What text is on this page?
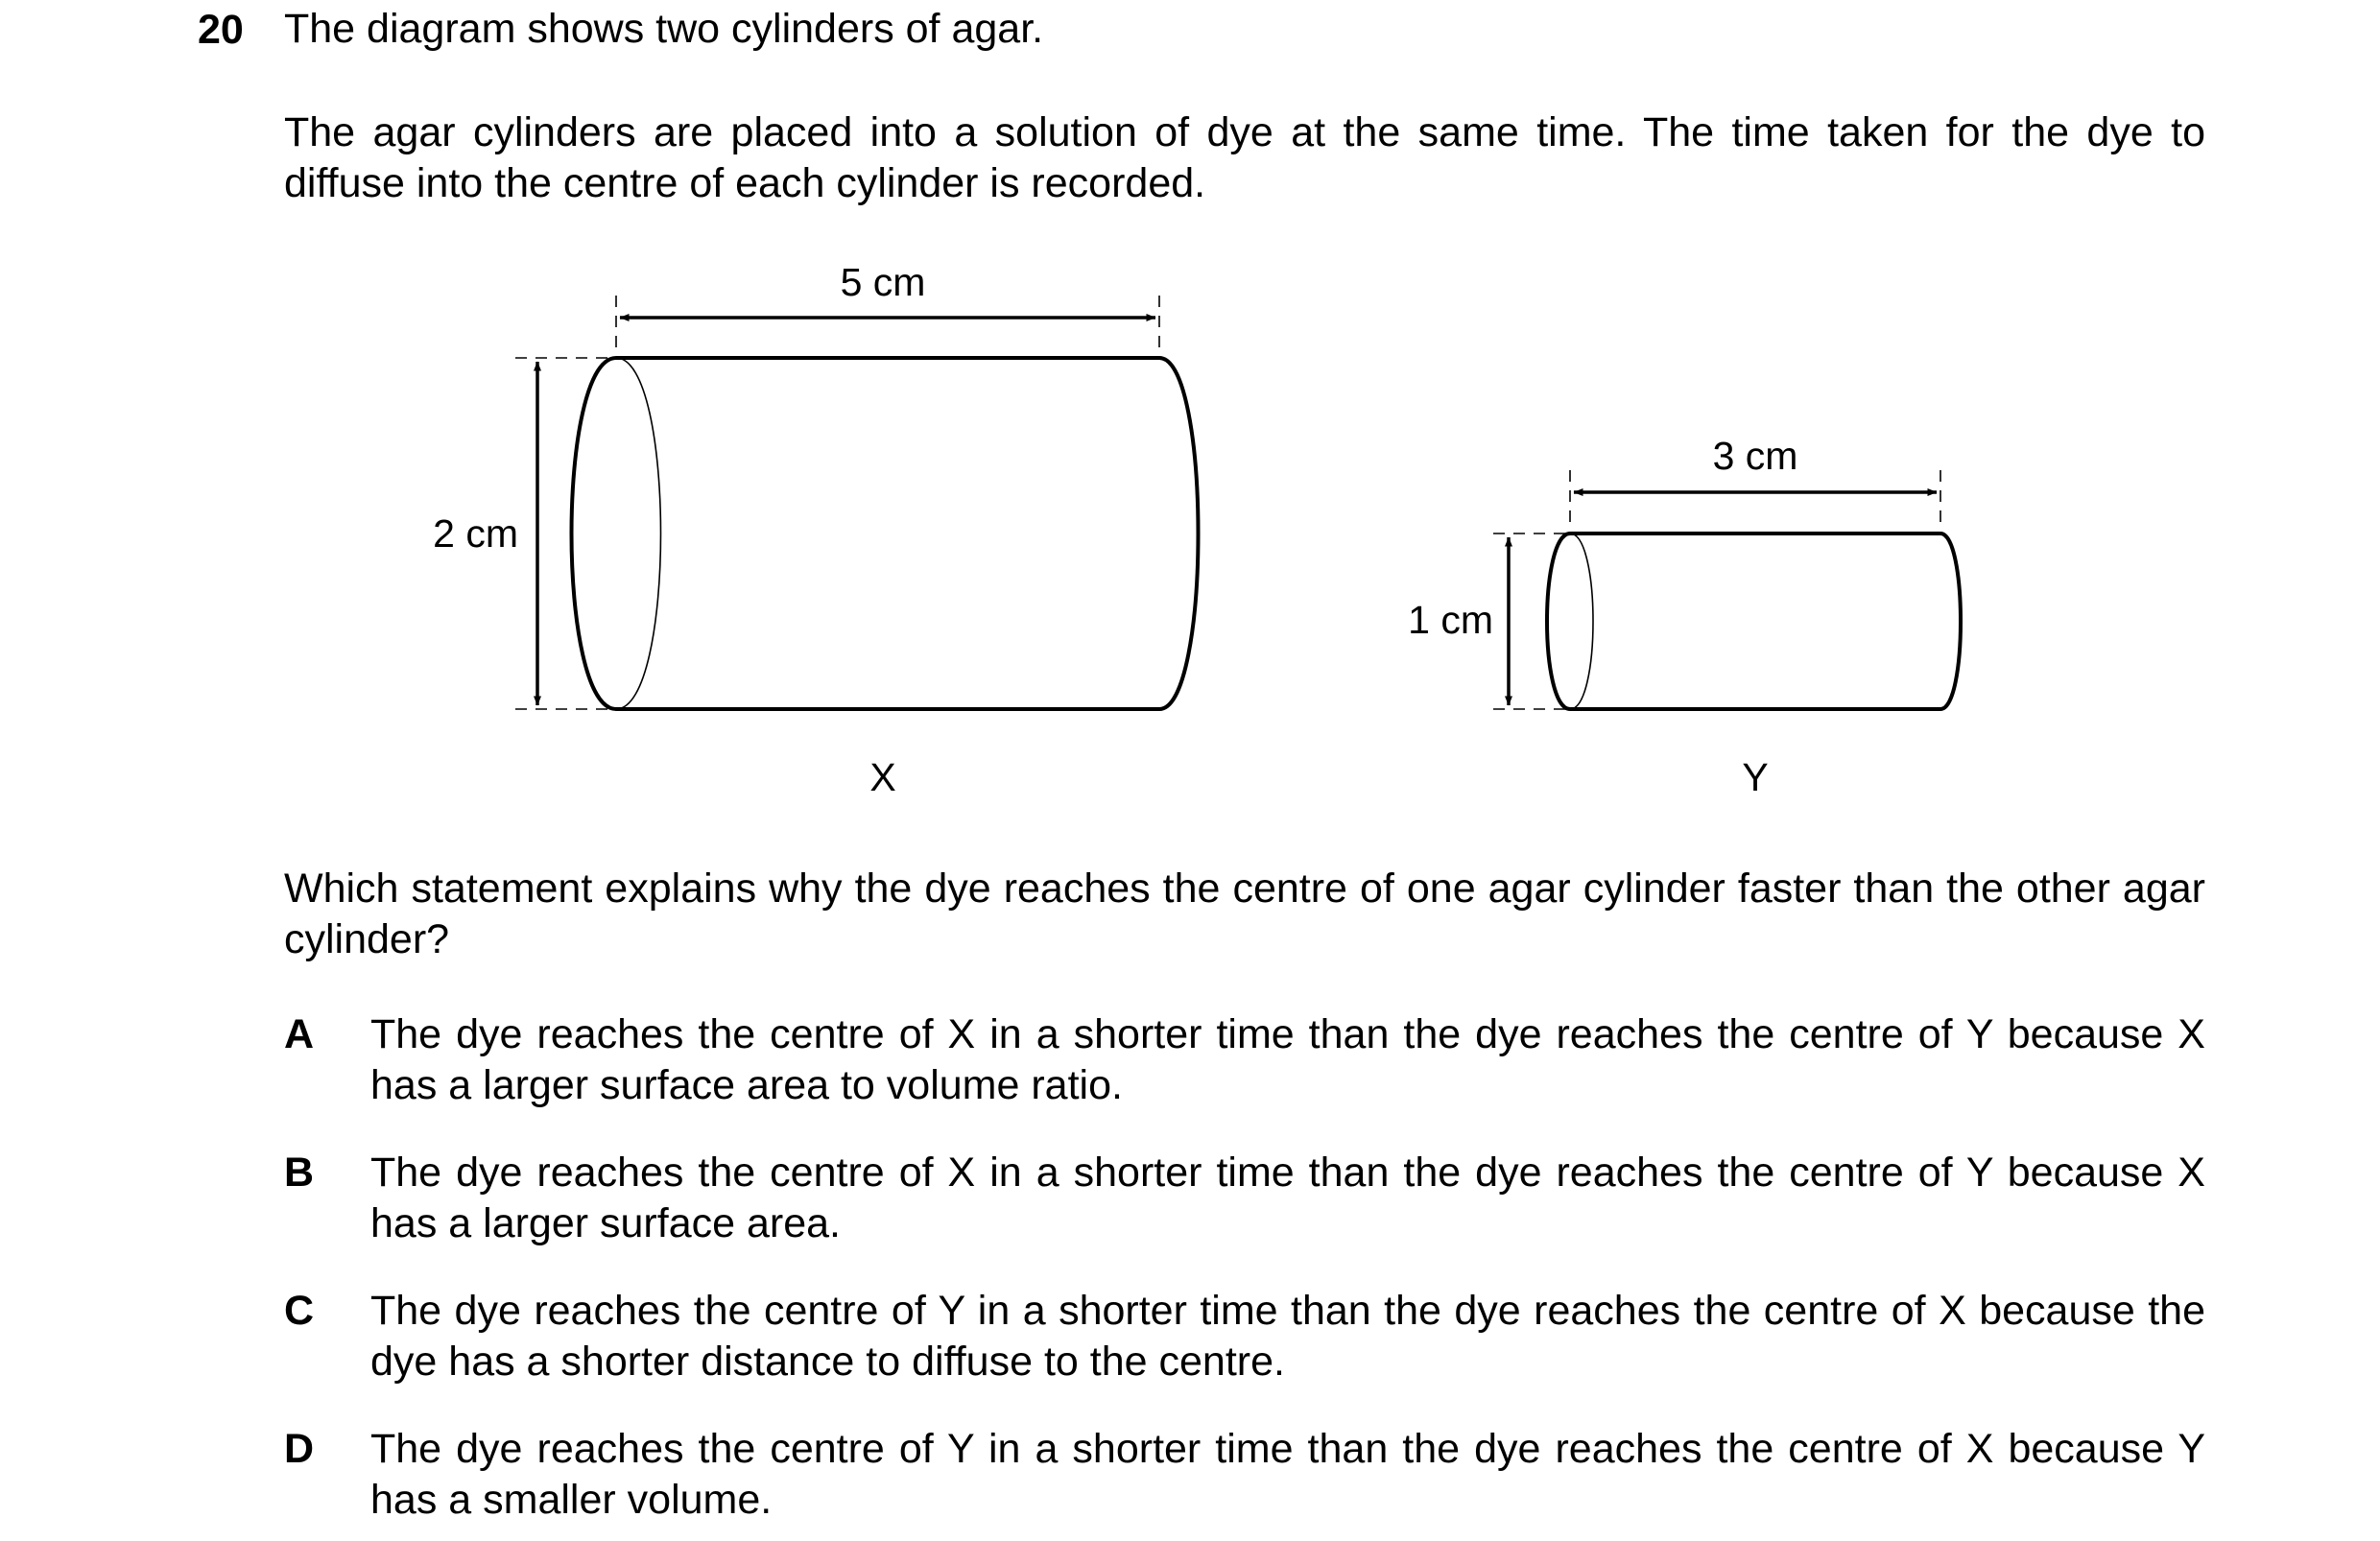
20 The diagram shows two cylinders of agar.
The agar cylinders are placed into a solution of dye at the same time. The time taken for the dye to diffuse into the centre of each cylinder is recorded.
5 cm
2 cm
X
3 cm
1 cm
Y
Which statement explains why the dye reaches the centre of one agar cylinder faster than the other agar cylinder?
A The dye reaches the centre of X in a shorter time than the dye reaches the centre of Y because X has a larger surface area to volume ratio.
B The dye reaches the centre of X in a shorter time than the dye reaches the centre of Y because X has a larger surface area.
C The dye reaches the centre of Y in a shorter time than the dye reaches the centre of X because the dye has a shorter distance to diffuse to the centre.
D The dye reaches the centre of Y in a shorter time than the dye reaches the centre of X because Y has a smaller volume.
